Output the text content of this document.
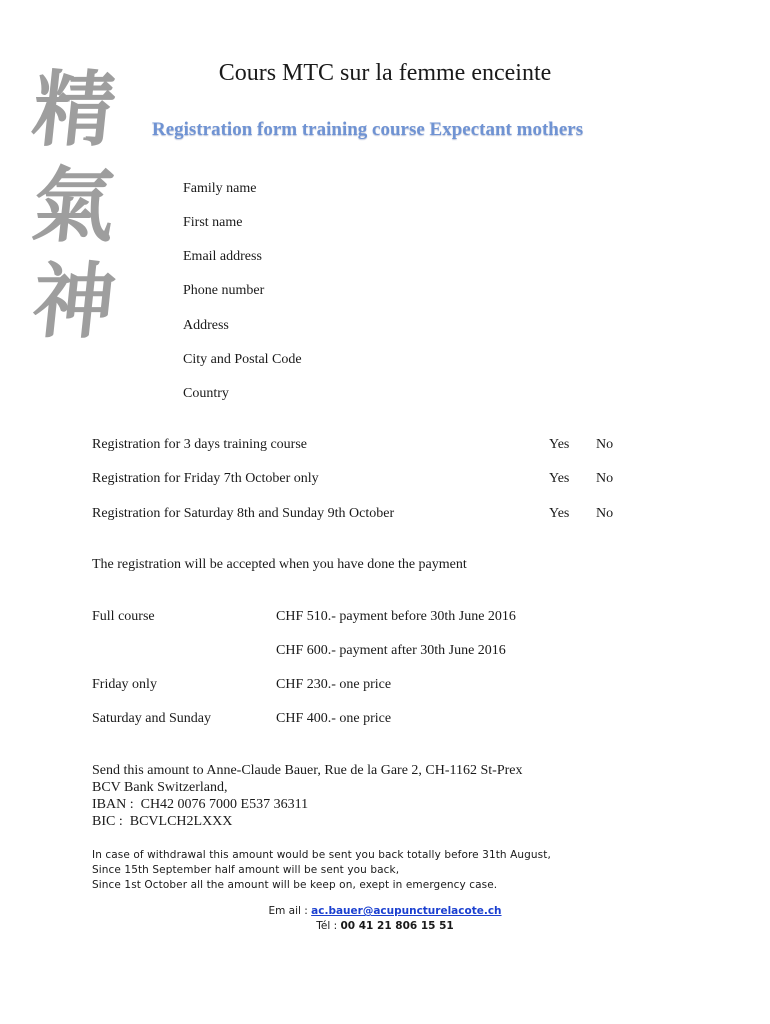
精
氣
神
Cours MTC sur la femme enceinte
Registration form training course Expectant mothers
Family name
First name
Email address
Phone number
Address
City and Postal Code
Country
Registration for 3 days training course	Yes No
Registration for Friday 7th October only	Yes No
Registration for Saturday 8th and Sunday 9th October	Yes No
The registration will be accepted when you have done the payment
Full course	CHF 510.- payment before 30th June 2016
CHF 600.- payment after 30th June 2016
Friday only	CHF 230.- one price
Saturday and Sunday	CHF 400.- one price
Send this amount to Anne-Claude Bauer, Rue de la Gare 2, CH-1162 St-Prex
BCV Bank Switzerland,
IBAN :  CH42 0076 7000 E537 36311
BIC :  BCVLCH2LXXX
In case of withdrawal this amount would be sent you back totally before 31th August,
Since 15th September half amount will be sent you back,
Since 1st October all the amount will be keep on, exept in emergency case.
Em ail : ac.bauer@acupuncturelacote.ch
Tél : 00 41 21 806 15 51
